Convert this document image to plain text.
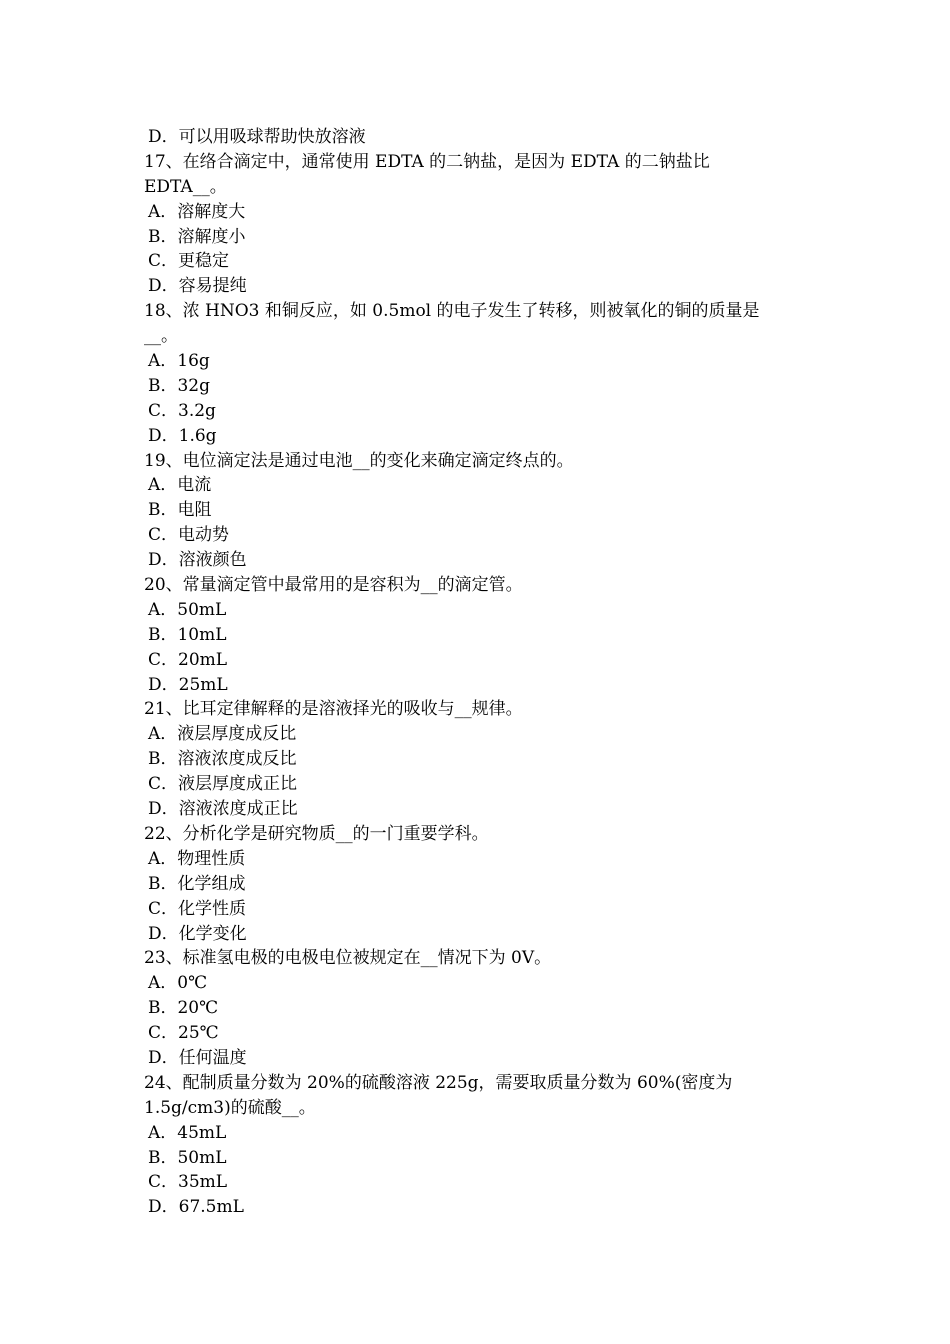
D．可以用吸球帮助快放溶液
17、在络合滴定中，通常使用 EDTA 的二钠盐，是因为 EDTA 的二钠盐比
EDTA__。
A．溶解度大
B．溶解度小
C．更稳定
D．容易提纯
18、浓 HNO3 和铜反应，如 0.5mol 的电子发生了转移，则被氧化的铜的质量是
__。
A．16g
B．32g
C．3.2g
D．1.6g
19、电位滴定法是通过电池__的变化来确定滴定终点的。
A．电流
B．电阻
C．电动势
D．溶液颜色
20、常量滴定管中最常用的是容积为__的滴定管。
A．50mL
B．10mL
C．20mL
D．25mL
21、比耳定律解释的是溶液择光的吸收与__规律。
A．液层厚度成反比
B．溶液浓度成反比
C．液层厚度成正比
D．溶液浓度成正比
22、分析化学是研究物质__的一门重要学科。
A．物理性质
B．化学组成
C．化学性质
D．化学变化
23、标准氢电极的电极电位被规定在__情况下为 0V。
A．0℃
B．20℃
C．25℃
D．任何温度
24、配制质量分数为 20%的硫酸溶液 225g，需要取质量分数为 60%(密度为
1.5g/cm3)的硫酸__。
A．45mL
B．50mL
C．35mL
D．67.5mL
